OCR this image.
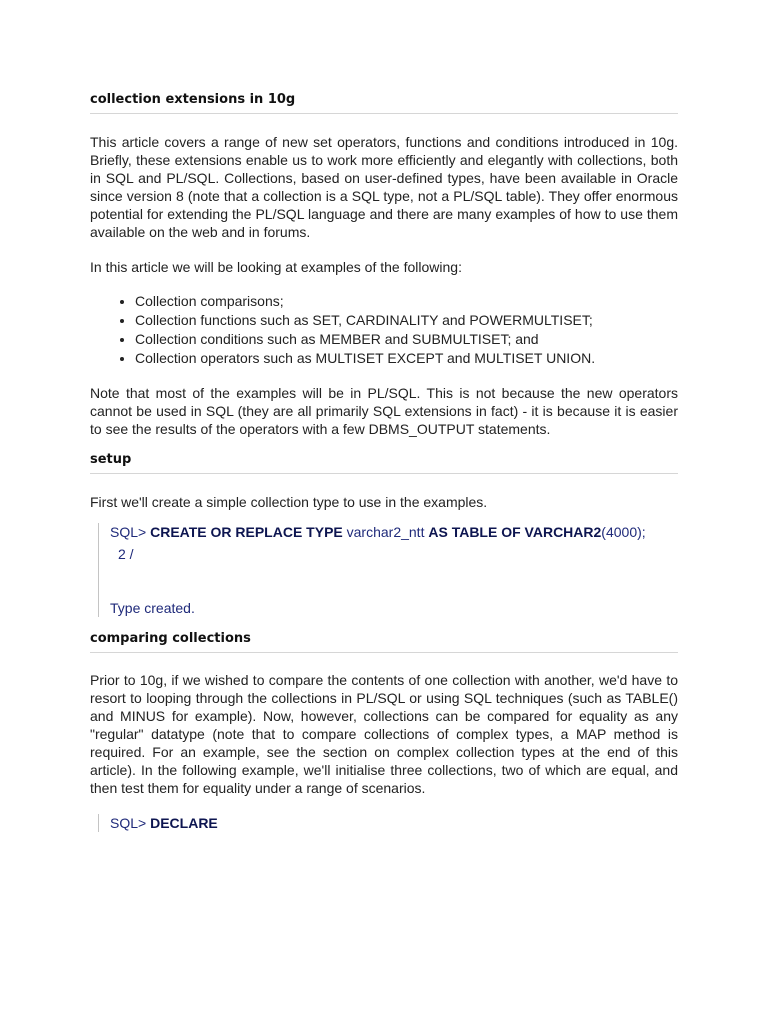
collection extensions in 10g

This article covers a range of new set operators, functions and conditions introduced in 10g. Briefly, these extensions enable us to work more efficiently and elegantly with collections, both in SQL and PL/SQL. Collections, based on user-defined types, have been available in Oracle since version 8 (note that a collection is a SQL type, not a PL/SQL table). They offer enormous potential for extending the PL/SQL language and there are many examples of how to use them available on the web and in forums.

In this article we will be looking at examples of the following:

• Collection comparisons;
• Collection functions such as SET, CARDINALITY and POWERMULTISET;
• Collection conditions such as MEMBER and SUBMULTISET; and
• Collection operators such as MULTISET EXCEPT and MULTISET UNION.

Note that most of the examples will be in PL/SQL. This is not because the new operators cannot be used in SQL (they are all primarily SQL extensions in fact) - it is because it is easier to see the results of the operators with a few DBMS_OUTPUT statements.

setup

First we'll create a simple collection type to use in the examples.

SQL> CREATE OR REPLACE TYPE varchar2_ntt AS TABLE OF VARCHAR2(4000);
2 /
Type created.
comparing collections

Prior to 10g, if we wished to compare the contents of one collection with another, we'd have to resort to looping through the collections in PL/SQL or using SQL techniques (such as TABLE() and MINUS for example). Now, however, collections can be compared for equality as any "regular" datatype (note that to compare collections of complex types, a MAP method is required. For an example, see the section on complex collection types at the end of this article). In the following example, we'll initialise three collections, two of which are equal, and then test them for equality under a range of scenarios.

SQL> DECLARE
